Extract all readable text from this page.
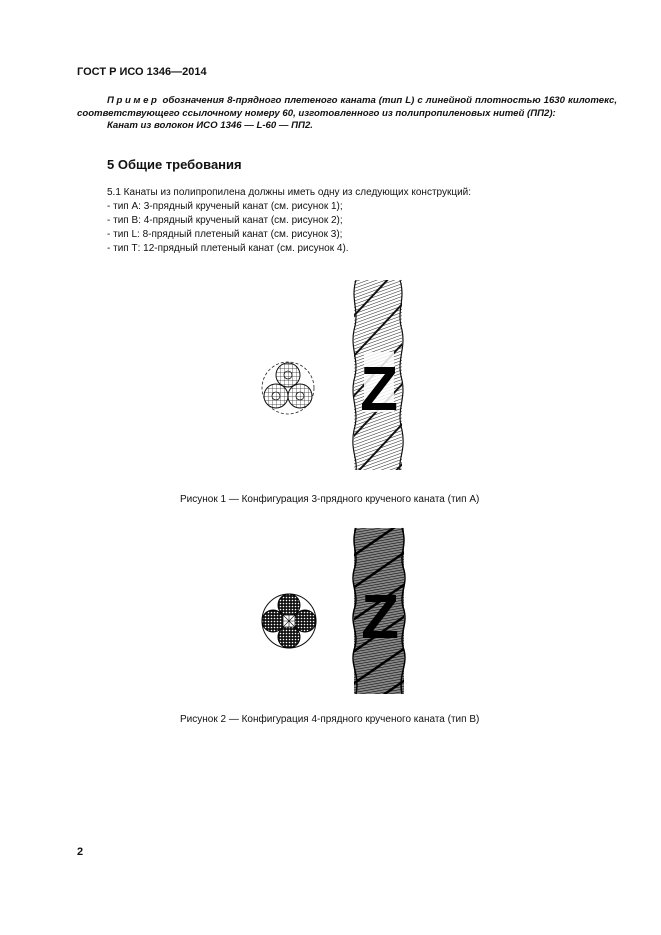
ГОСТ Р ИСО 1346—2014

Пример обозначения 8-прядного плетеного каната (тип L) с линейной плотностью 1630 килотекс, соответствующего ссылочному номеру 60, изготовленного из полипропиленовых нитей (ПП2):

Канат из волокон ИСО 1346 — L-60 — ПП2.

5 Общие требования
5.1 Канаты из полипропилена должны иметь одну из следующих конструкций:
- тип А: 3-прядный крученый канат (см. рисунок 1);
- тип В: 4-прядный крученый канат (см. рисунок 2);
- тип L: 8-прядный плетеный канат (см. рисунок 3);
- тип Т: 12-прядный плетеный канат (см. рисунок 4).
Z
Рисунок 1 — Конфигурация 3-прядного крученого каната (тип А)
Z
Рисунок 2 — Конфигурация 4-прядного крученого каната (тип В)
2
